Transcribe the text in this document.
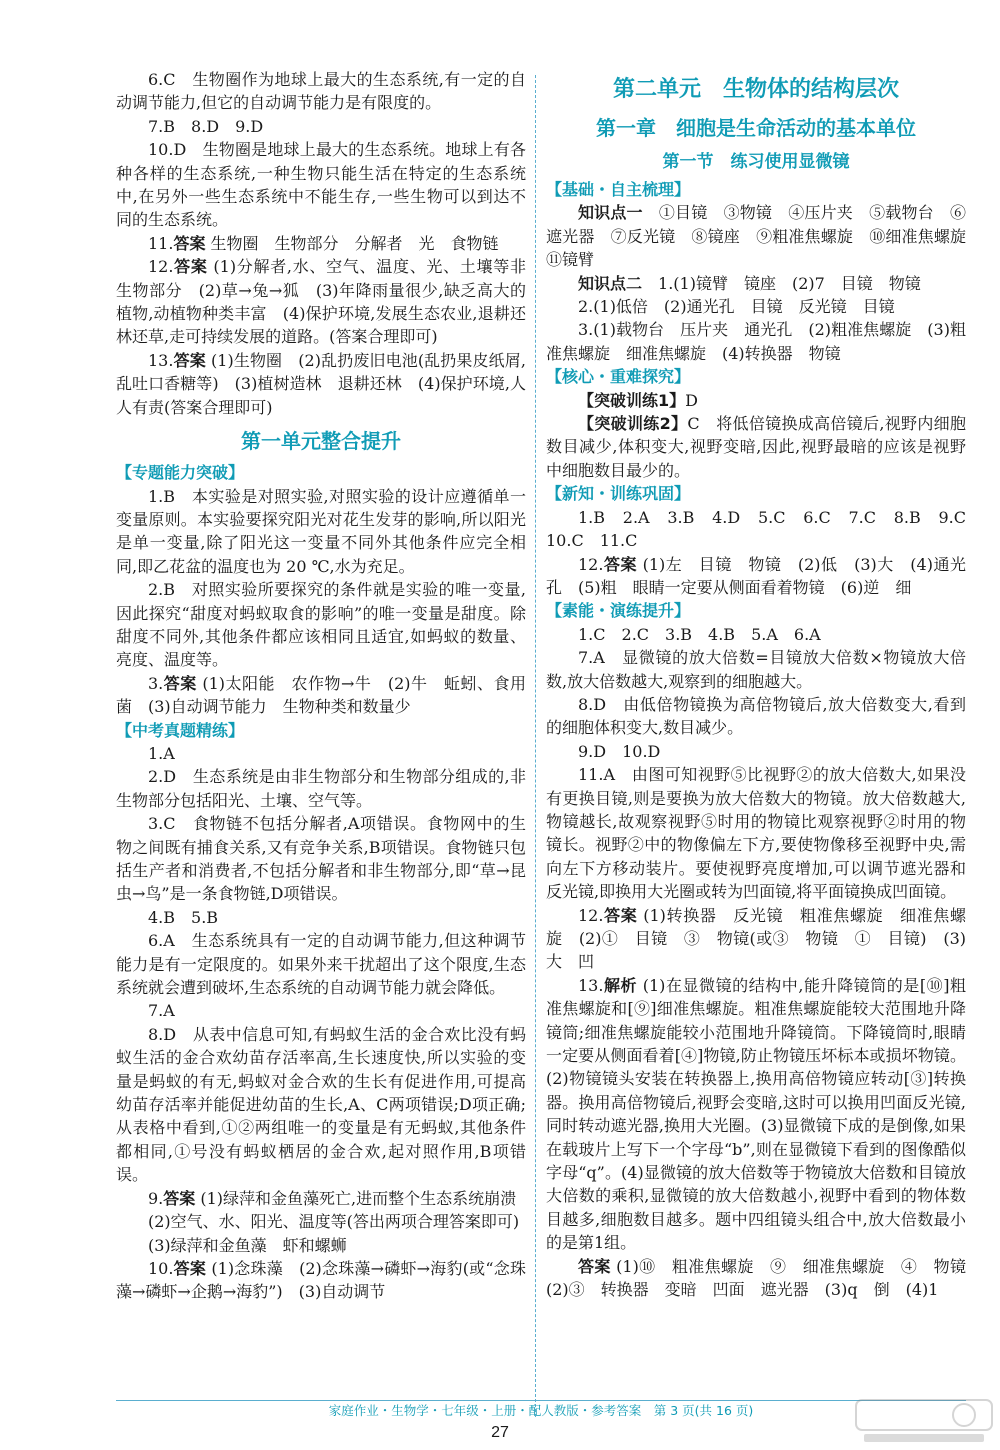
6.C　生物圈作为地球上最大的生态系统,有一定的自动调节能力,但它的自动调节能力是有限度的。

7.B　8.D　9.D

10.D　生物圈是地球上最大的生态系统。地球上有各种各样的生态系统,一种生物只能生活在特定的生态系统中,在另外一些生态系统中不能生存,一些生物可以到达不同的生态系统。

11.答案 生物圈　生物部分　分解者　光　食物链

12.答案 (1)分解者,水、空气、温度、光、土壤等非生物部分　(2)草→兔→狐　(3)年降雨量很少,缺乏高大的植物,动植物种类丰富　(4)保护环境,发展生态农业,退耕还林还草,走可持续发展的道路。(答案合理即可)

13.答案 (1)生物圈　(2)乱扔废旧电池(乱扔果皮纸屑,乱吐口香糖等)　(3)植树造林　退耕还林　(4)保护环境,人人有责(答案合理即可)

第一单元整合提升

【 专题能力突破 】

1.B　本实验是对照实验,对照实验的设计应遵循单一变量原则。本实验要探究阳光对花生发芽的影响,所以阳光是单一变量,除了阳光这一变量不同外其他条件应完全相同,即乙花盆的温度也为 20 ℃,水为充足。

2.B　对照实验所要探究的条件就是实验的唯一变量,因此探究“甜度对蚂蚁取食的影响”的唯一变量是甜度。除甜度不同外,其他条件都应该相同且适宜,如蚂蚁的数量、亮度、温度等。

3.答案 (1)太阳能　农作物→牛　(2)牛　蚯蚓、食用菌　(3)自动调节能力　生物种类和数量少

【 中考真题精练 】

1.A

2.D　生态系统是由非生物部分和生物部分组成的,非生物部分包括阳光、土壤、空气等。

3.C　食物链不包括分解者,A项错误。食物网中的生物之间既有捕食关系,又有竞争关系,B项错误。食物链只包括生产者和消费者,不包括分解者和非生物部分,即“草→昆虫→鸟”是一条食物链,D项错误。

4.B　5.B

6.A　生态系统具有一定的自动调节能力,但这种调节能力是有一定限度的。如果外来干扰超出了这个限度,生态系统就会遭到破坏,生态系统的自动调节能力就会降低。

7.A

8.D　从表中信息可知,有蚂蚁生活的金合欢比没有蚂蚁生活的金合欢幼苗存活率高,生长速度快,所以实验的变量是蚂蚁的有无,蚂蚁对金合欢的生长有促进作用,可提高幼苗存活率并能促进幼苗的生长,A、C两项错误;D项正确;从表格中看到,①②两组唯一的变量是有无蚂蚁,其他条件都相同,①号没有蚂蚁栖居的金合欢,起对照作用,B项错误。

9.答案 (1)绿萍和金鱼藻死亡,进而整个生态系统崩溃

(2)空气、水、阳光、温度等(答出两项合理答案即可)

(3)绿萍和金鱼藻　虾和螺蛳

10.答案 (1)念珠藻　(2)念珠藻→磷虾→海豹(或“念珠藻→磷虾→企鹅→海豹”)　(3)自动调节

第二单元　生物体的结构层次

第一章　细胞是生命活动的基本单位

第一节　练习使用显微镜

【 基础・自主梳理 】

知识点一　①目镜　③物镜　④压片夹　⑤载物台　⑥遮光器　⑦反光镜　⑧镜座　⑨粗准焦螺旋　⑩细准焦螺旋　⑪镜臂

知识点二　1.(1)镜臂　镜座　(2)7　目镜　物镜

2.(1)低倍　(2)通光孔　目镜　反光镜　目镜

3.(1)载物台　压片夹　通光孔　(2)粗准焦螺旋　(3)粗准焦螺旋　细准焦螺旋　(4)转换器　物镜

【 核心・重难探究 】

【突破训练1】D

【突破训练2】C　将低倍镜换成高倍镜后,视野内细胞数目减少,体积变大,视野变暗,因此,视野最暗的应该是视野中细胞数目最少的。

【 新知・训练巩固 】

1.B　2.A　3.B　4.D　5.C　6.C　7.C　8.B　9.C　10.C　11.C

12.答案 (1)左　目镜　物镜　(2)低　(3)大　(4)通光孔　(5)粗　眼睛一定要从侧面看着物镜　(6)逆　细

【 素能・演练提升 】

1.C　2.C　3.B　4.B　5.A　6.A

7.A　显微镜的放大倍数=目镜放大倍数×物镜放大倍数,放大倍数越大,观察到的细胞越大。

8.D　由低倍物镜换为高倍物镜后,放大倍数变大,看到的细胞体积变大,数目减少。

9.D　10.D

11.A　由图可知视野⑤比视野②的放大倍数大,如果没有更换目镜,则是要换为放大倍数大的物镜。放大倍数越大,物镜越长,故观察视野⑤时用的物镜比观察视野②时用的物镜长。视野②中的物像偏左下方,要使物像移至视野中央,需向左下方移动装片。要使视野亮度增加,可以调节遮光器和反光镜,即换用大光圈或转为凹面镜,将平面镜换成凹面镜。

12.答案 (1)转换器　反光镜　粗准焦螺旋　细准焦螺旋　(2)①　目镜　③　物镜(或③　物镜　①　目镜)　(3)大　凹

13.解析 (1)在显微镜的结构中,能升降镜筒的是[⑩]粗准焦螺旋和[⑨]细准焦螺旋。粗准焦螺旋能较大范围地升降镜筒;细准焦螺旋能较小范围地升降镜筒。下降镜筒时,眼睛一定要从侧面看着[④]物镜,防止物镜压坏标本或损坏物镜。(2)物镜镜头安装在转换器上,换用高倍物镜应转动[③]转换器。换用高倍物镜后,视野会变暗,这时可以换用凹面反光镜,同时转动遮光器,换用大光圈。(3)显微镜下成的是倒像,如果在载玻片上写下一个字母“b”,则在显微镜下看到的图像酷似字母“q”。(4)显微镜的放大倍数等于物镜放大倍数和目镜放大倍数的乘积,显微镜的放大倍数越小,视野中看到的物体数目越多,细胞数目越多。题中四组镜头组合中,放大倍数最小的是第1组。

答案 (1)⑩　粗准焦螺旋　⑨　细准焦螺旋　④　物镜　(2)③　转换器　变暗　凹面　遮光器　(3)q　倒　(4)1

家庭作业・生物学・七年级・上册・配人教版・参考答案　第 3 页(共 16 页)
27
